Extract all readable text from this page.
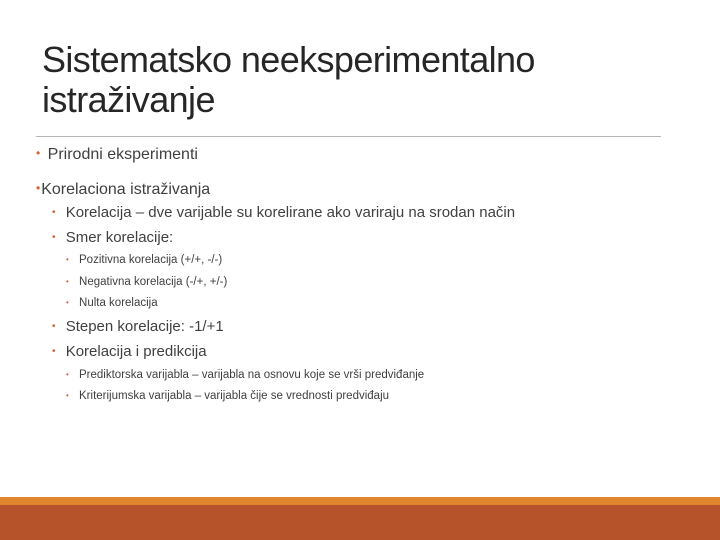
Sistematsko neeksperimentalno
istraživanje
• Prirodni eksperimenti
•Korelaciona istraživanja
• Korelacija – dve varijable su korelirane ako variraju na srodan način
• Smer korelacije:
• Pozitivna korelacija (+/+, -/-)
• Negativna korelacija (-/+, +/-)
• Nulta korelacija
• Stepen korelacije: -1/+1
• Korelacija i predikcija
• Prediktorska varijabla – varijabla na osnovu koje se vrši predviđanje
• Kriterijumska varijabla – varijabla čije se vrednosti predviđaju
